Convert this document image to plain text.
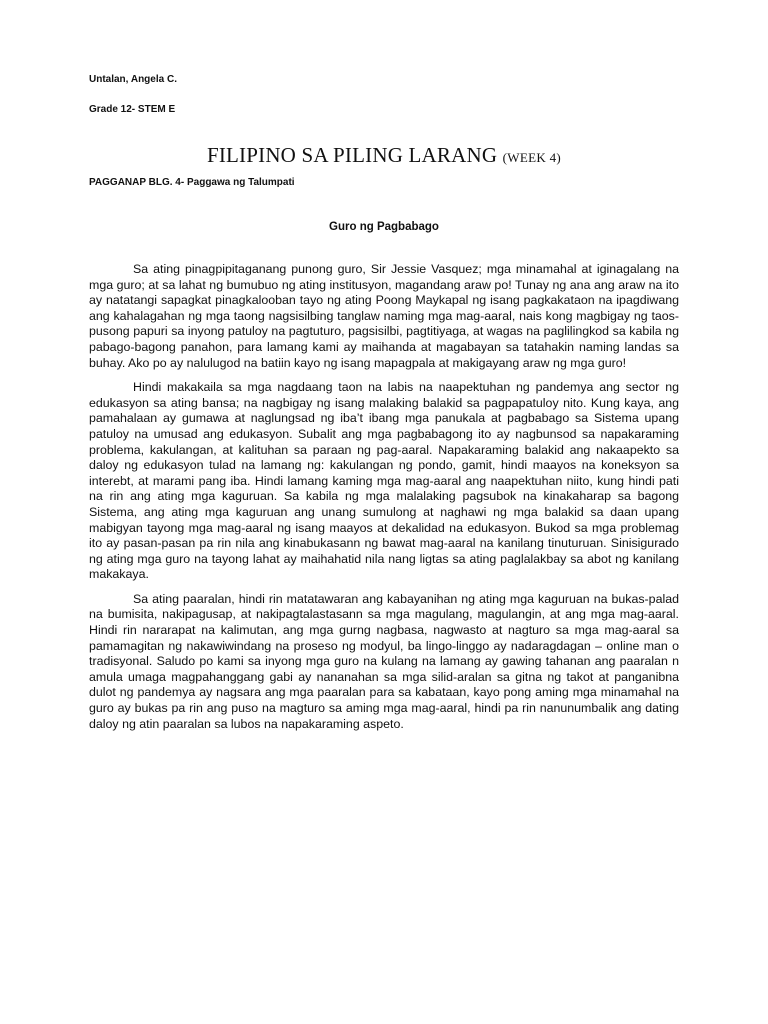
Untalan, Angela C.
Grade 12- STEM E
FILIPINO SA PILING LARANG (WEEK 4)
PAGGANAP BLG. 4- Paggawa ng Talumpati
Guro ng Pagbabago

Sa ating pinagpipitaganang punong guro, Sir Jessie Vasquez; mga minamahal at iginagalang na mga guro; at sa lahat ng bumubuo ng ating institusyon, magandang araw po! Tunay ng ana ang araw na ito ay natatangi sapagkat pinagkalooban tayo ng ating Poong Maykapal ng isang pagkakataon na ipagdiwang ang kahalagahan ng mga taong nagsisilbing tanglaw naming mga mag-aaral, nais kong magbigay ng taos-pusong papuri sa inyong patuloy na pagtuturo, pagsisilbi, pagtitiyaga, at wagas na paglilingkod sa kabila ng pabago-bagong panahon, para lamang kami ay maihanda at magabayan sa tatahakin naming landas sa buhay. Ako po ay nalulugod na batiin kayo ng isang mapagpala at makigayang araw ng mga guro!

Hindi makakaila sa mga nagdaang taon na labis na naapektuhan ng pandemya ang sector ng edukasyon sa ating bansa; na nagbigay ng isang malaking balakid sa pagpapatuloy nito. Kung kaya, ang pamahalaan ay gumawa at naglungsad ng iba’t ibang mga panukala at pagbabago sa Sistema upang patuloy na umusad ang edukasyon. Subalit ang mga pagbabagong ito ay nagbunsod sa napakaraming problema, kakulangan, at kalituhan sa paraan ng pag-aaral. Napakaraming balakid ang nakaapekto sa daloy ng edukasyon tulad na lamang ng: kakulangan ng pondo, gamit, hindi maayos na koneksyon sa interebt, at marami pang iba. Hindi lamang kaming mga mag-aaral ang naapektuhan niito, kung hindi pati na rin ang ating mga kaguruan. Sa kabila ng mga malalaking pagsubok na kinakaharap sa bagong Sistema, ang ating mga kaguruan ang unang sumulong at naghawi ng mga balakid sa daan upang mabigyan tayong mga mag-aaral ng isang maayos at dekalidad na edukasyon. Bukod sa mga problemag ito ay pasan-pasan pa rin nila ang kinabukasann ng bawat mag-aaral na kanilang tinuturuan. Sinisigurado ng ating mga guro na tayong lahat ay maihahatid nila nang ligtas sa ating paglalakbay sa abot ng kanilang makakaya.

Sa ating paaralan, hindi rin matatawaran ang kabayanihan ng ating mga kaguruan na bukas-palad na bumisita, nakipagusap, at nakipagtalastasann sa mga magulang, magulangin, at ang mga mag-aaral. Hindi rin nararapat na kalimutan, ang mga gurng nagbasa, nagwasto at nagturo sa mga mag-aaral sa pamamagitan ng nakawiwindang na proseso ng modyul, ba lingo-linggo ay nadaragdagan – online man o tradisyonal. Saludo po kami sa inyong mga guro na kulang na lamang ay gawing tahanan ang paaralan n amula umaga magpahanggang gabi ay nananahan sa mga silid-aralan sa gitna ng takot at panganibna dulot ng pandemya ay nagsara ang mga paaralan para sa kabataan, kayo pong aming mga minamahal na guro ay bukas pa rin ang puso na magturo sa aming mga mag-aaral, hindi pa rin nanunumbalik ang dating daloy ng atin paaralan sa lubos na napakaraming aspeto.
